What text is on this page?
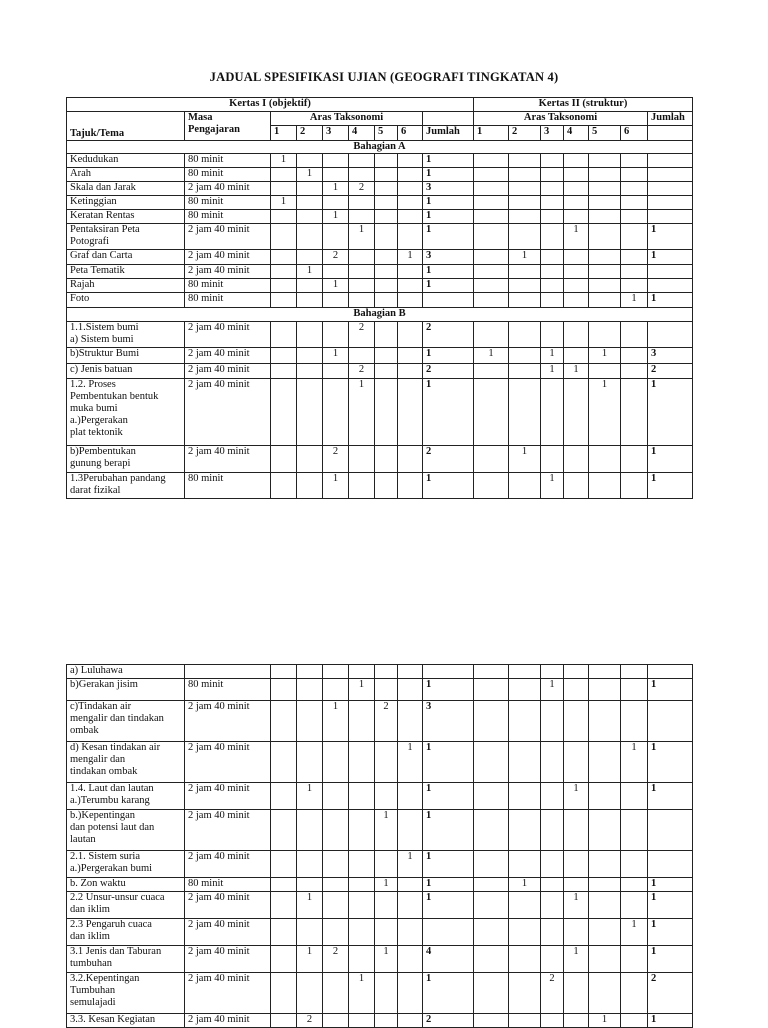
JADUAL SPESIFIKASI UJIAN (GEOGRAFI TINGKATAN 4)
Kertas I (objektif)									Kertas II (struktur)						
Tajuk/Tema	Masa Pengajaran	Aras Taksonomi							Aras Taksonomi						Jumlah
		1	2	3	4	5	6	Jumlah	1	2	3	4	5	6	
Bahagian A															
Kedudukan	80 minit	1						1							
Arah	80 minit		1					1							
Skala dan Jarak	2 jam 40 minit			1	2			3							
Ketinggian	80 minit	1						1							
Keratan Rentas	80 minit			1				1							
Pentaksiran Peta Potografi	2 jam 40 minit				1			1				1			1
Graf dan Carta	2 jam 40 minit			2			1	3		1					1
Peta Tematik	2 jam 40 minit		1					1							
Rajah	80 minit			1				1							
Foto	80 minit													1	1
Bahagian B															
1.1.Sistem bumi
a) Sistem bumi	2 jam 40 minit				2			2							
b)Struktur Bumi	2 jam 40 minit			1				1	1		1		1		3
c) Jenis batuan	2 jam 40 minit				2			2			1	1			2
1.2. Proses
Pembentukan bentuk
muka bumi
a.)Pergerakan
plat tektonik	2 jam 40 minit				1			1					1		1
b)Pembentukan
gunung berapi	2 jam 40 minit			2				2		1					1
1.3Perubahan pandang
darat fizikal	80 minit			1				1			1				1
a) Luluhawa															
b)Gerakan jisim	80 minit				1			1			1				1
c)Tindakan air
mengalir dan tindakan
ombak	2 jam 40 minit			1		2		3							
d) Kesan tindakan air
mengalir dan
tindakan ombak	2 jam 40 minit						1	1						1	1
1.4. Laut dan lautan
a.)Terumbu karang	2 jam 40 minit		1					1				1			1
b.)Kepentingan
dan potensi laut dan
lautan	2 jam 40 minit					1		1							
2.1. Sistem suria
a.)Pergerakan bumi	2 jam 40 minit						1	1							
b. Zon waktu	80 minit					1		1		1					1
2.2 Unsur-unsur cuaca
dan iklim	2 jam 40 minit		1					1				1			1
2.3 Pengaruh cuaca
dan iklim	2 jam 40 minit													1	1
3.1 Jenis dan Taburan
tumbuhan	2 jam 40 minit		1	2		1		4				1			1
3.2.Kepentingan
Tumbuhan
semulajadi	2 jam 40 minit				1			1			2				2
3.3. Kesan Kegiatan	2 jam 40 minit		2					2					1		1
